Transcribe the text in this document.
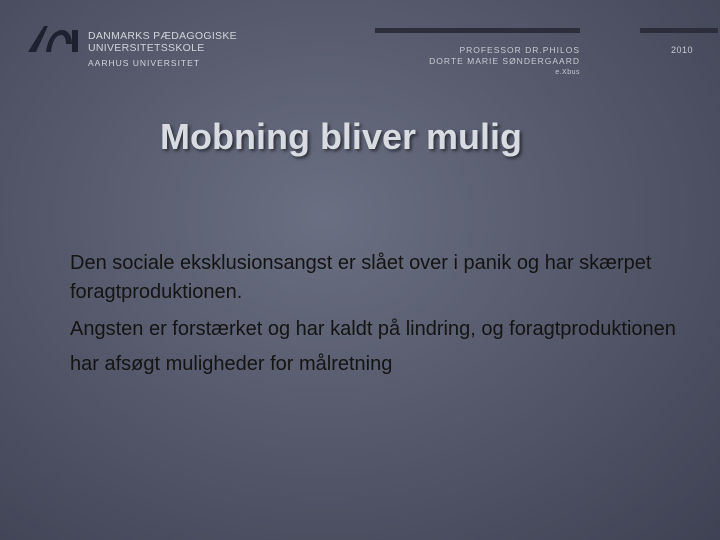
DANMARKS PÆDAGOGISKE
UNIVERSITETSSKOLE
AARHUS UNIVERSITET
PROFESSOR DR.PHILOS
DORTE MARIE SØNDERGAARD
e.Xbus
2010
Mobning bliver mulig

Den sociale eksklusionsangst er slået over i panik og har skærpet foragtproduktionen.

Angsten er forstærket og har kaldt på lindring, og foragtproduktionen har afsøgt muligheder for målretning
